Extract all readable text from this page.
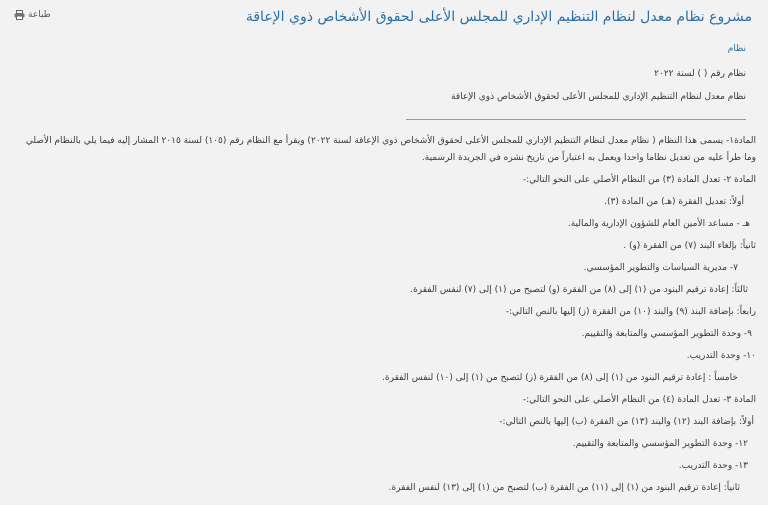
طباعة	مشروع نظام معدل لنظام التنظيم الإداري للمجلس الأعلى لحقوق الأشخاص ذوي الإعاقة
نظام
نظام رقم ( ) لسنة ٢٠٢٢
نظام معدل لنظام التنظيم الإداري للمجلس الأعلى لحقوق الأشخاص ذوي الإعاقة
المادة١- يسمى هذا النظام ( نظام معدل لنظام التنظيم الإداري للمجلس الأعلى لحقوق الأشخاص ذوي الإعاقة لسنة ٢٠٢٢) ويقرأ مع النظام رقم (١٠٥) لسنة ٢٠١٥ المشار إليه فيما يلي بالنظام الأصلي
وما طرأ عليه من تعديل نظاما واحدا ويعمل به اعتباراً من تاريخ نشره في الجريدة الرسمية.
المادة ٢- تعدل المادة (٣) من النظام الأصلي على النحو التالي:-
أولاً: تعديل الفقرة (هـ) من المادة (٣).
هـ - مساعد الأمين العام للشؤون الإدارية والمالية.
ثانياً: بإلغاء البند (٧) من الفقرة (و) .
٧- مديرية السياسات والتطوير المؤسسي.
ثالثاً: إعادة ترقيم البنود من (١) إلى (٨) من الفقرة (و) لتصبح من (١) إلى (٧) لنفس الفقرة.
رابعاً: بإضافة البند (٩) والبند (١٠) من الفقرة (ز) إليها بالنص التالي:-
٩- وحدة التطوير المؤسسي والمتابعة والتقييم.
١٠- وحدة التدريب.
خامساً : إعادة ترقيم البنود من (١) إلى (٨) من الفقرة (ز) لتصبح من (١) إلى (١٠) لنفس الفقرة.
المادة ٣- تعدل المادة (٤) من النظام الأصلي على النحو التالي:-
أولاً: بإضافة البند (١٢) والبند (١٣) من الفقرة (ب) إليها بالنص التالي:-
١٢- وحدة التطوير المؤسسي والمتابعة والتقييم.
١٣- وحدة التدريب.
ثانياً: إعادة ترقيم البنود من (١) إلى (١١) من الفقرة (ب) لتصبح من (١) إلى (١٣) لنفس الفقرة.
